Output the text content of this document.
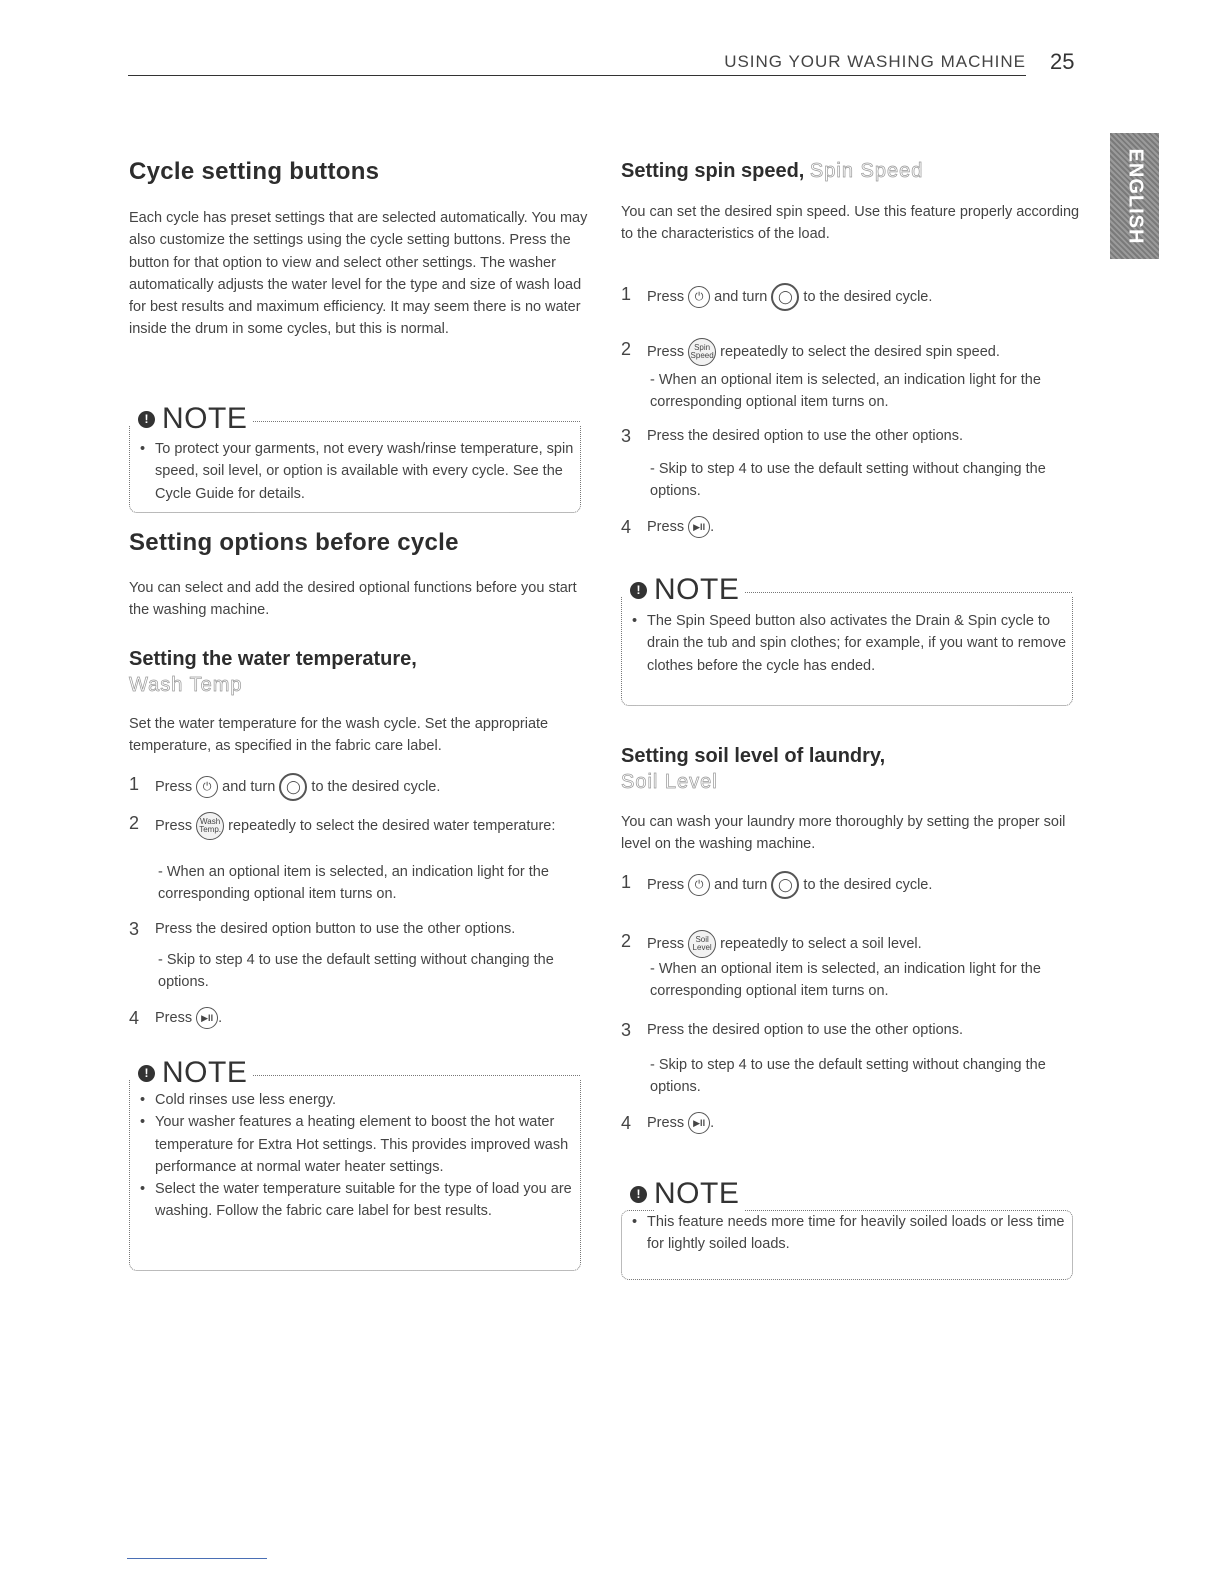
USING YOUR WASHING MACHINE 25
ENGLISH
Cycle setting buttons

Each cycle has preset settings that are selected automatically. You may also customize the settings using the cycle setting buttons. Press the button for that option to view and select other settings. The washer automatically adjusts the water level for the type and size of wash load for best results and maximum efficiency. It may seem there is no water inside the drum in some cycles, but this is normal.

! NOTE
• To protect your garments, not every wash/rinse temperature, spin speed, soil level, or option is available with every cycle. See the Cycle Guide for details.
Setting options before cycle

You can select and add the desired optional functions before you start the washing machine.

Setting the water temperature,
Wash Temp

Set the water temperature for the wash cycle. Set the appropriate temperature, as specified in the fabric care label.

1 Press ⏻ and turn ◯ to the desired cycle.
2 Press Wash
Temp. repeatedly to select the desired water temperature:
- When an optional item is selected, an indication light for the corresponding optional item turns on.
3 Press the desired option button to use the other options.
- Skip to step 4 to use the default setting without changing the options.
4 Press ▶ll .
! NOTE
• Cold rinses use less energy.
• Your washer features a heating element to boost the hot water temperature for Extra Hot settings. This provides improved wash performance at normal water heater settings.
• Select the water temperature suitable for the type of load you are washing. Follow the fabric care label for best results.
Setting spin speed, Spin Speed

You can set the desired spin speed. Use this feature properly according to the characteristics of the load.

1 Press ⏻ and turn ◯ to the desired cycle.
2 Press Spin
Speed repeatedly to select the desired spin speed.
- When an optional item is selected, an indication light for the corresponding optional item turns on.
3 Press the desired option to use the other options.
- Skip to step 4 to use the default setting without changing the options.
4 Press ▶ll .
! NOTE
• The Spin Speed button also activates the Drain & Spin cycle to drain the tub and spin clothes; for example, if you want to remove clothes before the cycle has ended.
Setting soil level of laundry,
Soil Level

You can wash your laundry more thoroughly by setting the proper soil level on the washing machine.

1 Press ⏻ and turn ◯ to the desired cycle.
2 Press Soil
Level repeatedly to select a soil level.
- When an optional item is selected, an indication light for the corresponding optional item turns on.
3 Press the desired option to use the other options.
- Skip to step 4 to use the default setting without changing the options.
4 Press ▶ll .
! NOTE
• This feature needs more time for heavily soiled loads or less time for lightly soiled loads.
